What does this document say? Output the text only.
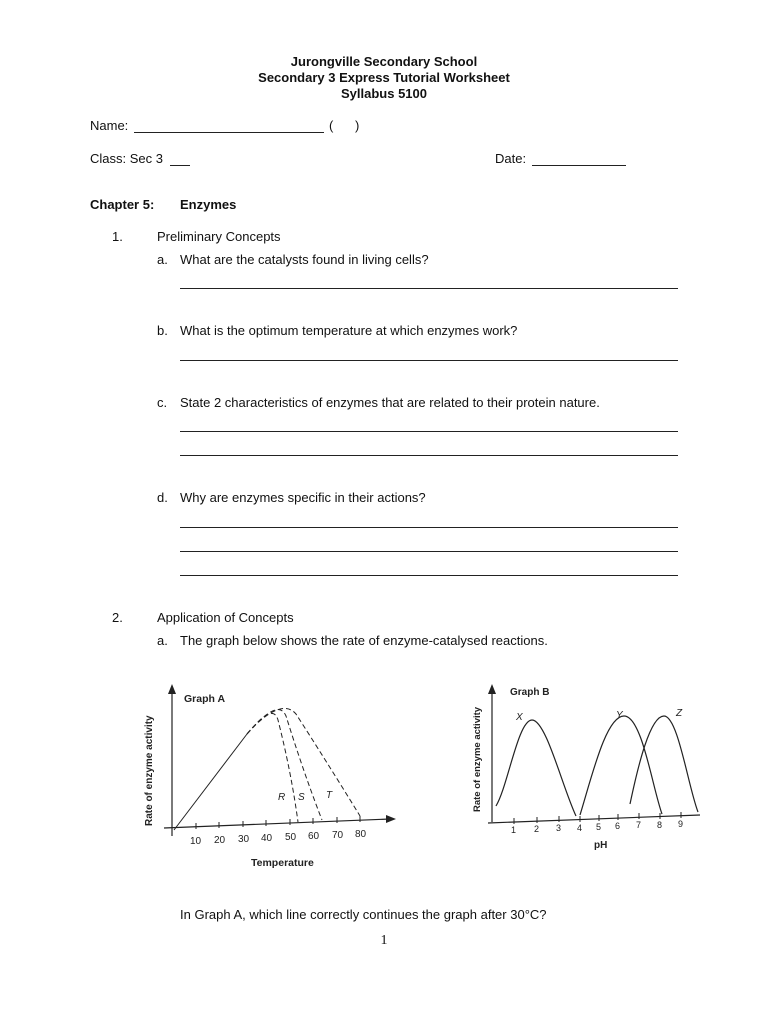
Jurongville Secondary School
Secondary 3 Express Tutorial Worksheet
Syllabus 5100
Name:	(      )
Class: Sec 3	Date:
Chapter 5: Enzymes
1.	Preliminary Concepts
a. What are the catalysts found in living cells?
b. What is the optimum temperature at which enzymes work?
c. State 2 characteristics of enzymes that are related to their protein nature.
d. Why are enzymes specific in their actions?
2.	Application of Concepts
a. The graph below shows the rate of enzyme-catalysed reactions.
10 20 30 40 50 60 70 80
Temperature
Rate of enzyme activity
Graph A
R S T
1 2 3 4 5 6 7 8 9
pH
Rate of enzyme activity
Graph B
X	Y	Z
In Graph A, which line correctly continues the graph after 30°C?
1
